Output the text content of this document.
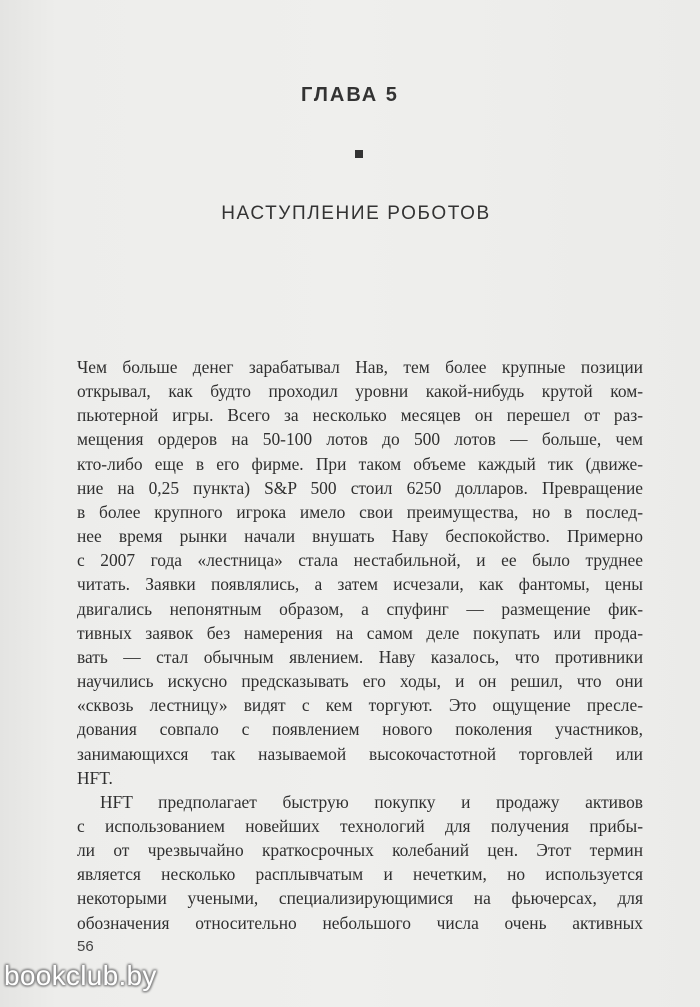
ГЛАВА 5
НАСТУПЛЕНИЕ РОБОТОВ
Чем больше денег зарабатывал Нав, тем более крупные позиции
открывал, как будто проходил уровни какой-нибудь крутой ком-
пьютерной игры. Всего за несколько месяцев он перешел от раз-
мещения ордеров на 50-100 лотов до 500 лотов — больше, чем
кто-либо еще в его фирме. При таком объеме каждый тик (движе-
ние на 0,25 пункта) S&P 500 стоил 6250 долларов. Превращение
в более крупного игрока имело свои преимущества, но в послед-
нее время рынки начали внушать Наву беспокойство. Примерно
с 2007 года «лестница» стала нестабильной, и ее было труднее
читать. Заявки появлялись, а затем исчезали, как фантомы, цены
двигались непонятным образом, а спуфинг — размещение фик-
тивных заявок без намерения на самом деле покупать или прода-
вать — стал обычным явлением. Наву казалось, что противники
научились искусно предсказывать его ходы, и он решил, что они
«сквозь лестницу» видят с кем торгуют. Это ощущение пресле-
дования совпало с появлением нового поколения участников,
занимающихся так называемой высокочастотной торговлей или
HFT.
HFT предполагает быструю покупку и продажу активов
с использованием новейших технологий для получения прибы-
ли от чрезвычайно краткосрочных колебаний цен. Этот термин
является несколько расплывчатым и нечетким, но используется
некоторыми учеными, специализирующимися на фьючерсах, для
обозначения относительно небольшого числа очень активных
56
bookclub.by
